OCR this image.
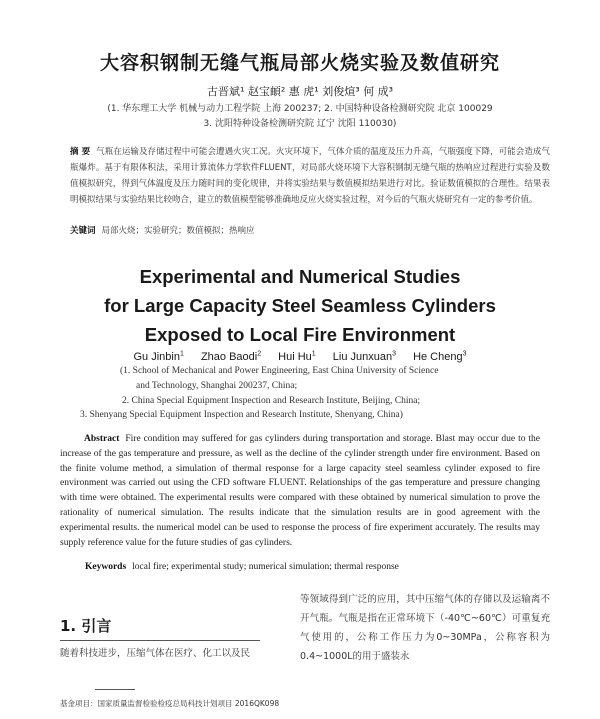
大容积钢制无缝气瓶局部火烧实验及数值研究
古晋斌¹ 赵宝頔² 惠 虎¹ 刘俊煊³ 何 成³
(1. 华东理工大学 机械与动力工程学院 上海 200237; 2. 中国特种设备检测研究院 北京 100029
3. 沈阳特种设备检测研究院 辽宁 沈阳 110030)
摘 要 气瓶在运输及存储过程中可能会遭遇火灾工况。火灾环境下，气体介质的温度及压力升高，气瓶强度下降，可能会造成气瓶爆炸。基于有限体积法，采用计算流体力学软件FLUENT，对局部火烧环境下大容积钢制无缝气瓶的热响应过程进行实验及数值模拟研究，得到气体温度及压力随时间的变化规律，并将实验结果与数值模拟结果进行对比。验证数值模拟的合理性。结果表明模拟结果与实验结果比较吻合，建立的数值模型能够准确地反应火烧实验过程，对今后的气瓶火烧研究有一定的参考价值。
关键词 局部火烧；实验研究；数值模拟；热响应
Experimental and Numerical Studies
for Large Capacity Steel Seamless Cylinders
Exposed to Local Fire Environment
Gu Jinbin$^1$ Zhao Baodi$^2$ Hui Hu$^1$ Liu Junxuan$^3$ He Cheng$^3$
(1. School of Mechanical and Power Engineering, East China University of Science
and Technology, Shanghai 200237, China;
2. China Special Equipment Inspection and Research Institute, Beijing, China;
3. Shenyang Special Equipment Inspection and Research Institute, Shenyang, China)
Abstract Fire condition may suffered for gas cylinders during transportation and storage. Blast may occur due to the increase of the gas temperature and pressure, as well as the decline of the cylinder strength under fire environment. Based on the finite volume method, a simulation of thermal response for a large capacity steel seamless cylinder exposed to fire environment was carried out using the CFD software FLUENT. Relationships of the gas temperature and pressure changing with time were obtained. The experimental results were compared with these obtained by numerical simulation to prove the rationality of numerical simulation. The results indicate that the simulation results are in good agreement with the experimental results. the numerical model can be used to response the process of fire experiment accurately. The results may supply reference value for the future studies of gas cylinders.
Keywords local fire; experimental study; numerical simulation; thermal response
1. 引言
随着科技进步，压缩气体在医疗、化工以及民
等领域得到广泛的应用，其中压缩气体的存储以及运输离不开气瓶。气瓶是指在正常环境下（-40℃~60℃）可重复充气使用的，公称工作压力为0~30MPa，公称容积为0.4~1000L的用于盛装永
基金项目：国家质量监督检验检疫总局科技计划项目 2016QK098
